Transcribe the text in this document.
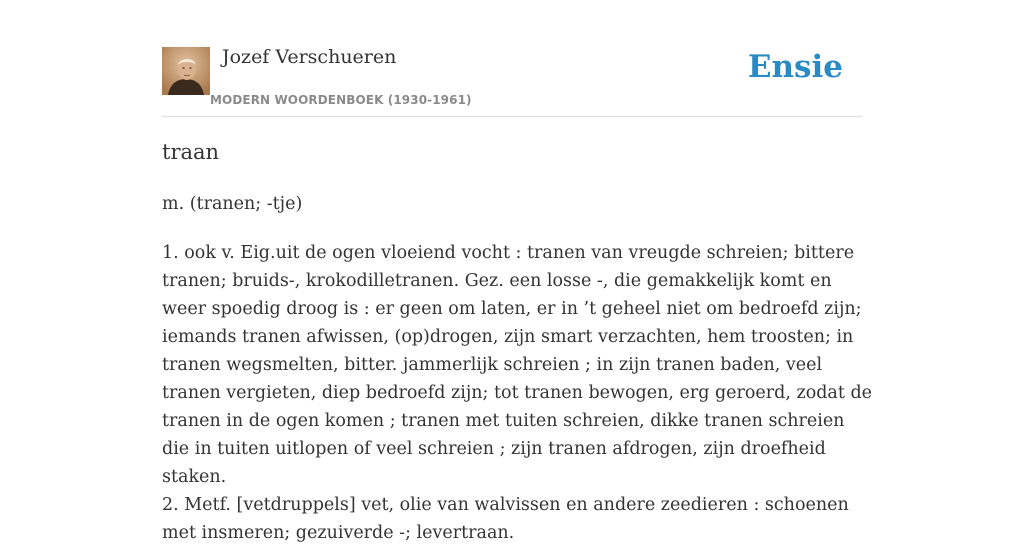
Jozef Verschueren
MODERN WOORDENBOEK (1930-1961)
Ensie
traan

m. (tranen; -tje)

1. ook v. Eig.uit de ogen vloeiend vocht : tranen van vreugde schreien; bittere tranen; bruids-, krokodilletranen. Gez. een losse -, die gemakkelijk komt en weer spoedig droog is : er geen om laten, er in ’t geheel niet om bedroefd zijn; iemands tranen afwissen, (op)drogen, zijn smart verzachten, hem troosten; in tranen wegsmelten, bitter. jammerlijk schreien ; in zijn tranen baden, veel tranen vergieten, diep bedroefd zijn; tot tranen bewogen, erg geroerd, zodat de tranen in de ogen komen ; tranen met tuiten schreien, dikke tranen schreien die in tuiten uitlopen of veel schreien ; zijn tranen afdrogen, zijn droefheid staken.

2. Metf. [vetdruppels] vet, olie van walvissen en andere zeedieren : schoenen met insmeren; gezuiverde -; levertraan.
